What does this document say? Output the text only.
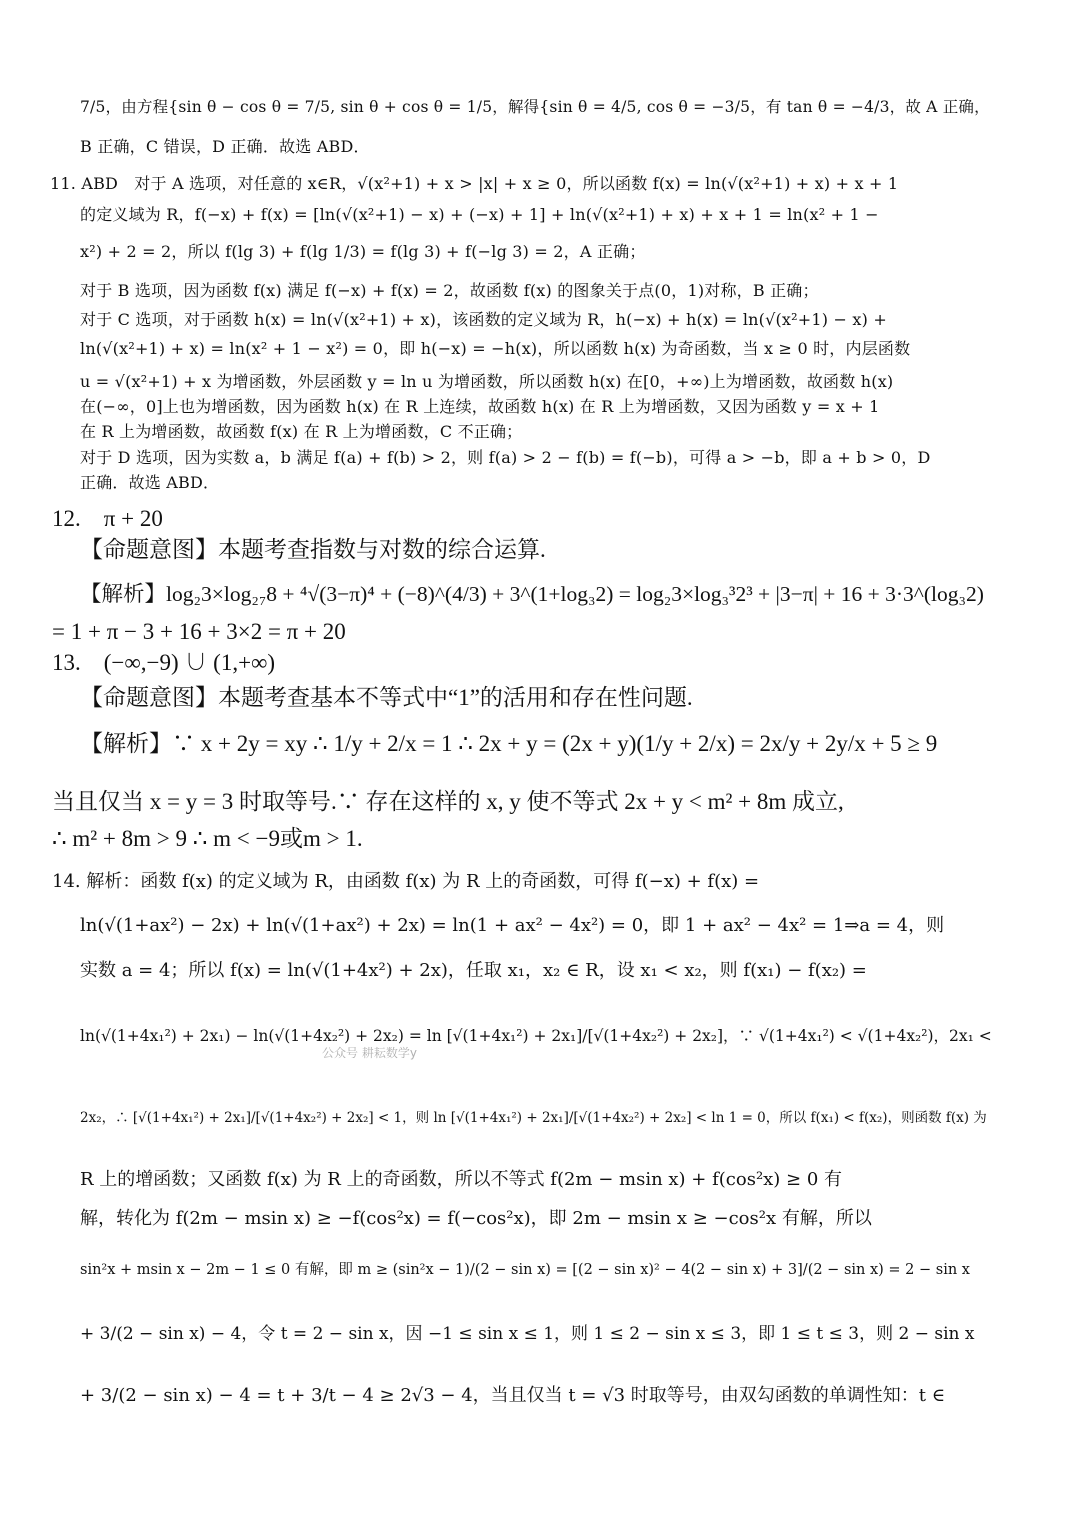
7/5，由方程{sin θ − cos θ = 7/5, sin θ + cos θ = 1/5，解得{sin θ = 4/5, cos θ = −3/5，有 tan θ = −4/3，故 A 正确，
B 正确，C 错误，D 正确．故选 ABD．
11. ABD　对于 A 选项，对任意的 x∈R，√(x²+1) + x > |x| + x ≥ 0，所以函数 f(x) = ln(√(x²+1) + x) + x + 1
的定义域为 R，f(−x) + f(x) = [ln(√(x²+1) − x) + (−x) + 1] + ln(√(x²+1) + x) + x + 1 = ln(x² + 1 −
x²) + 2 = 2，所以 f(lg 3) + f(lg 1/3) = f(lg 3) + f(−lg 3) = 2，A 正确；
对于 B 选项，因为函数 f(x) 满足 f(−x) + f(x) = 2，故函数 f(x) 的图象关于点(0，1)对称，B 正确；
对于 C 选项，对于函数 h(x) = ln(√(x²+1) + x)，该函数的定义域为 R，h(−x) + h(x) = ln(√(x²+1) − x) +
ln(√(x²+1) + x) = ln(x² + 1 − x²) = 0，即 h(−x) = −h(x)，所以函数 h(x) 为奇函数，当 x ≥ 0 时，内层函数
u = √(x²+1) + x 为增函数，外层函数 y = ln u 为增函数，所以函数 h(x) 在[0，+∞)上为增函数，故函数 h(x)
在(−∞，0]上也为增函数，因为函数 h(x) 在 R 上连续，故函数 h(x) 在 R 上为增函数，又因为函数 y = x + 1
在 R 上为增函数，故函数 f(x) 在 R 上为增函数，C 不正确；
对于 D 选项，因为实数 a，b 满足 f(a) + f(b) > 2，则 f(a) > 2 − f(b) = f(−b)，可得 a > −b，即 a + b > 0，D
正确．故选 ABD．
12.　π + 20
【命题意图】本题考查指数与对数的综合运算.
【解析】log₂3×log₂₇8 + ⁴√(3−π)⁴ + (−8)^(4/3) + 3^(1+log₃2) = log₂3×log₃³2³ + |3−π| + 16 + 3·3^(log₃2)
= 1 + π − 3 + 16 + 3×2 = π + 20
13.　(−∞,−9) ∪ (1,+∞)
【命题意图】本题考查基本不等式中“1”的活用和存在性问题.
【解析】∵ x + 2y = xy ∴ 1/y + 2/x = 1 ∴ 2x + y = (2x + y)(1/y + 2/x) = 2x/y + 2y/x + 5 ≥ 9
当且仅当 x = y = 3 时取等号.∵ 存在这样的 x, y 使不等式 2x + y < m² + 8m 成立,
∴ m² + 8m > 9 ∴ m < −9或m > 1.
14. 解析：函数 f(x) 的定义域为 R，由函数 f(x) 为 R 上的奇函数，可得 f(−x) + f(x) =
ln(√(1+ax²) − 2x) + ln(√(1+ax²) + 2x) = ln(1 + ax² − 4x²) = 0，即 1 + ax² − 4x² = 1⇒a = 4，则
实数 a = 4；所以 f(x) = ln(√(1+4x²) + 2x)，任取 x₁，x₂ ∈ R，设 x₁ < x₂，则 f(x₁) − f(x₂) =
ln(√(1+4x₁²) + 2x₁) − ln(√(1+4x₂²) + 2x₂) = ln [√(1+4x₁²) + 2x₁]/[√(1+4x₂²) + 2x₂]，∵ √(1+4x₁²) < √(1+4x₂²)，2x₁ <
2x₂，∴ [√(1+4x₁²) + 2x₁]/[√(1+4x₂²) + 2x₂] < 1，则 ln [√(1+4x₁²) + 2x₁]/[√(1+4x₂²) + 2x₂] < ln 1 = 0，所以 f(x₁) < f(x₂)，则函数 f(x) 为
R 上的增函数；又函数 f(x) 为 R 上的奇函数，所以不等式 f(2m − msin x) + f(cos²x) ≥ 0 有
解，转化为 f(2m − msin x) ≥ −f(cos²x) = f(−cos²x)，即 2m − msin x ≥ −cos²x 有解，所以
sin²x + msin x − 2m − 1 ≤ 0 有解，即 m ≥ (sin²x − 1)/(2 − sin x) = [(2 − sin x)² − 4(2 − sin x) + 3]/(2 − sin x) = 2 − sin x
+ 3/(2 − sin x) − 4，令 t = 2 − sin x，因 −1 ≤ sin x ≤ 1，则 1 ≤ 2 − sin x ≤ 3，即 1 ≤ t ≤ 3，则 2 − sin x
+ 3/(2 − sin x) − 4 = t + 3/t − 4 ≥ 2√3 − 4，当且仅当 t = √3 时取等号，由双勾函数的单调性知：t ∈
公众号 耕耘数学y
